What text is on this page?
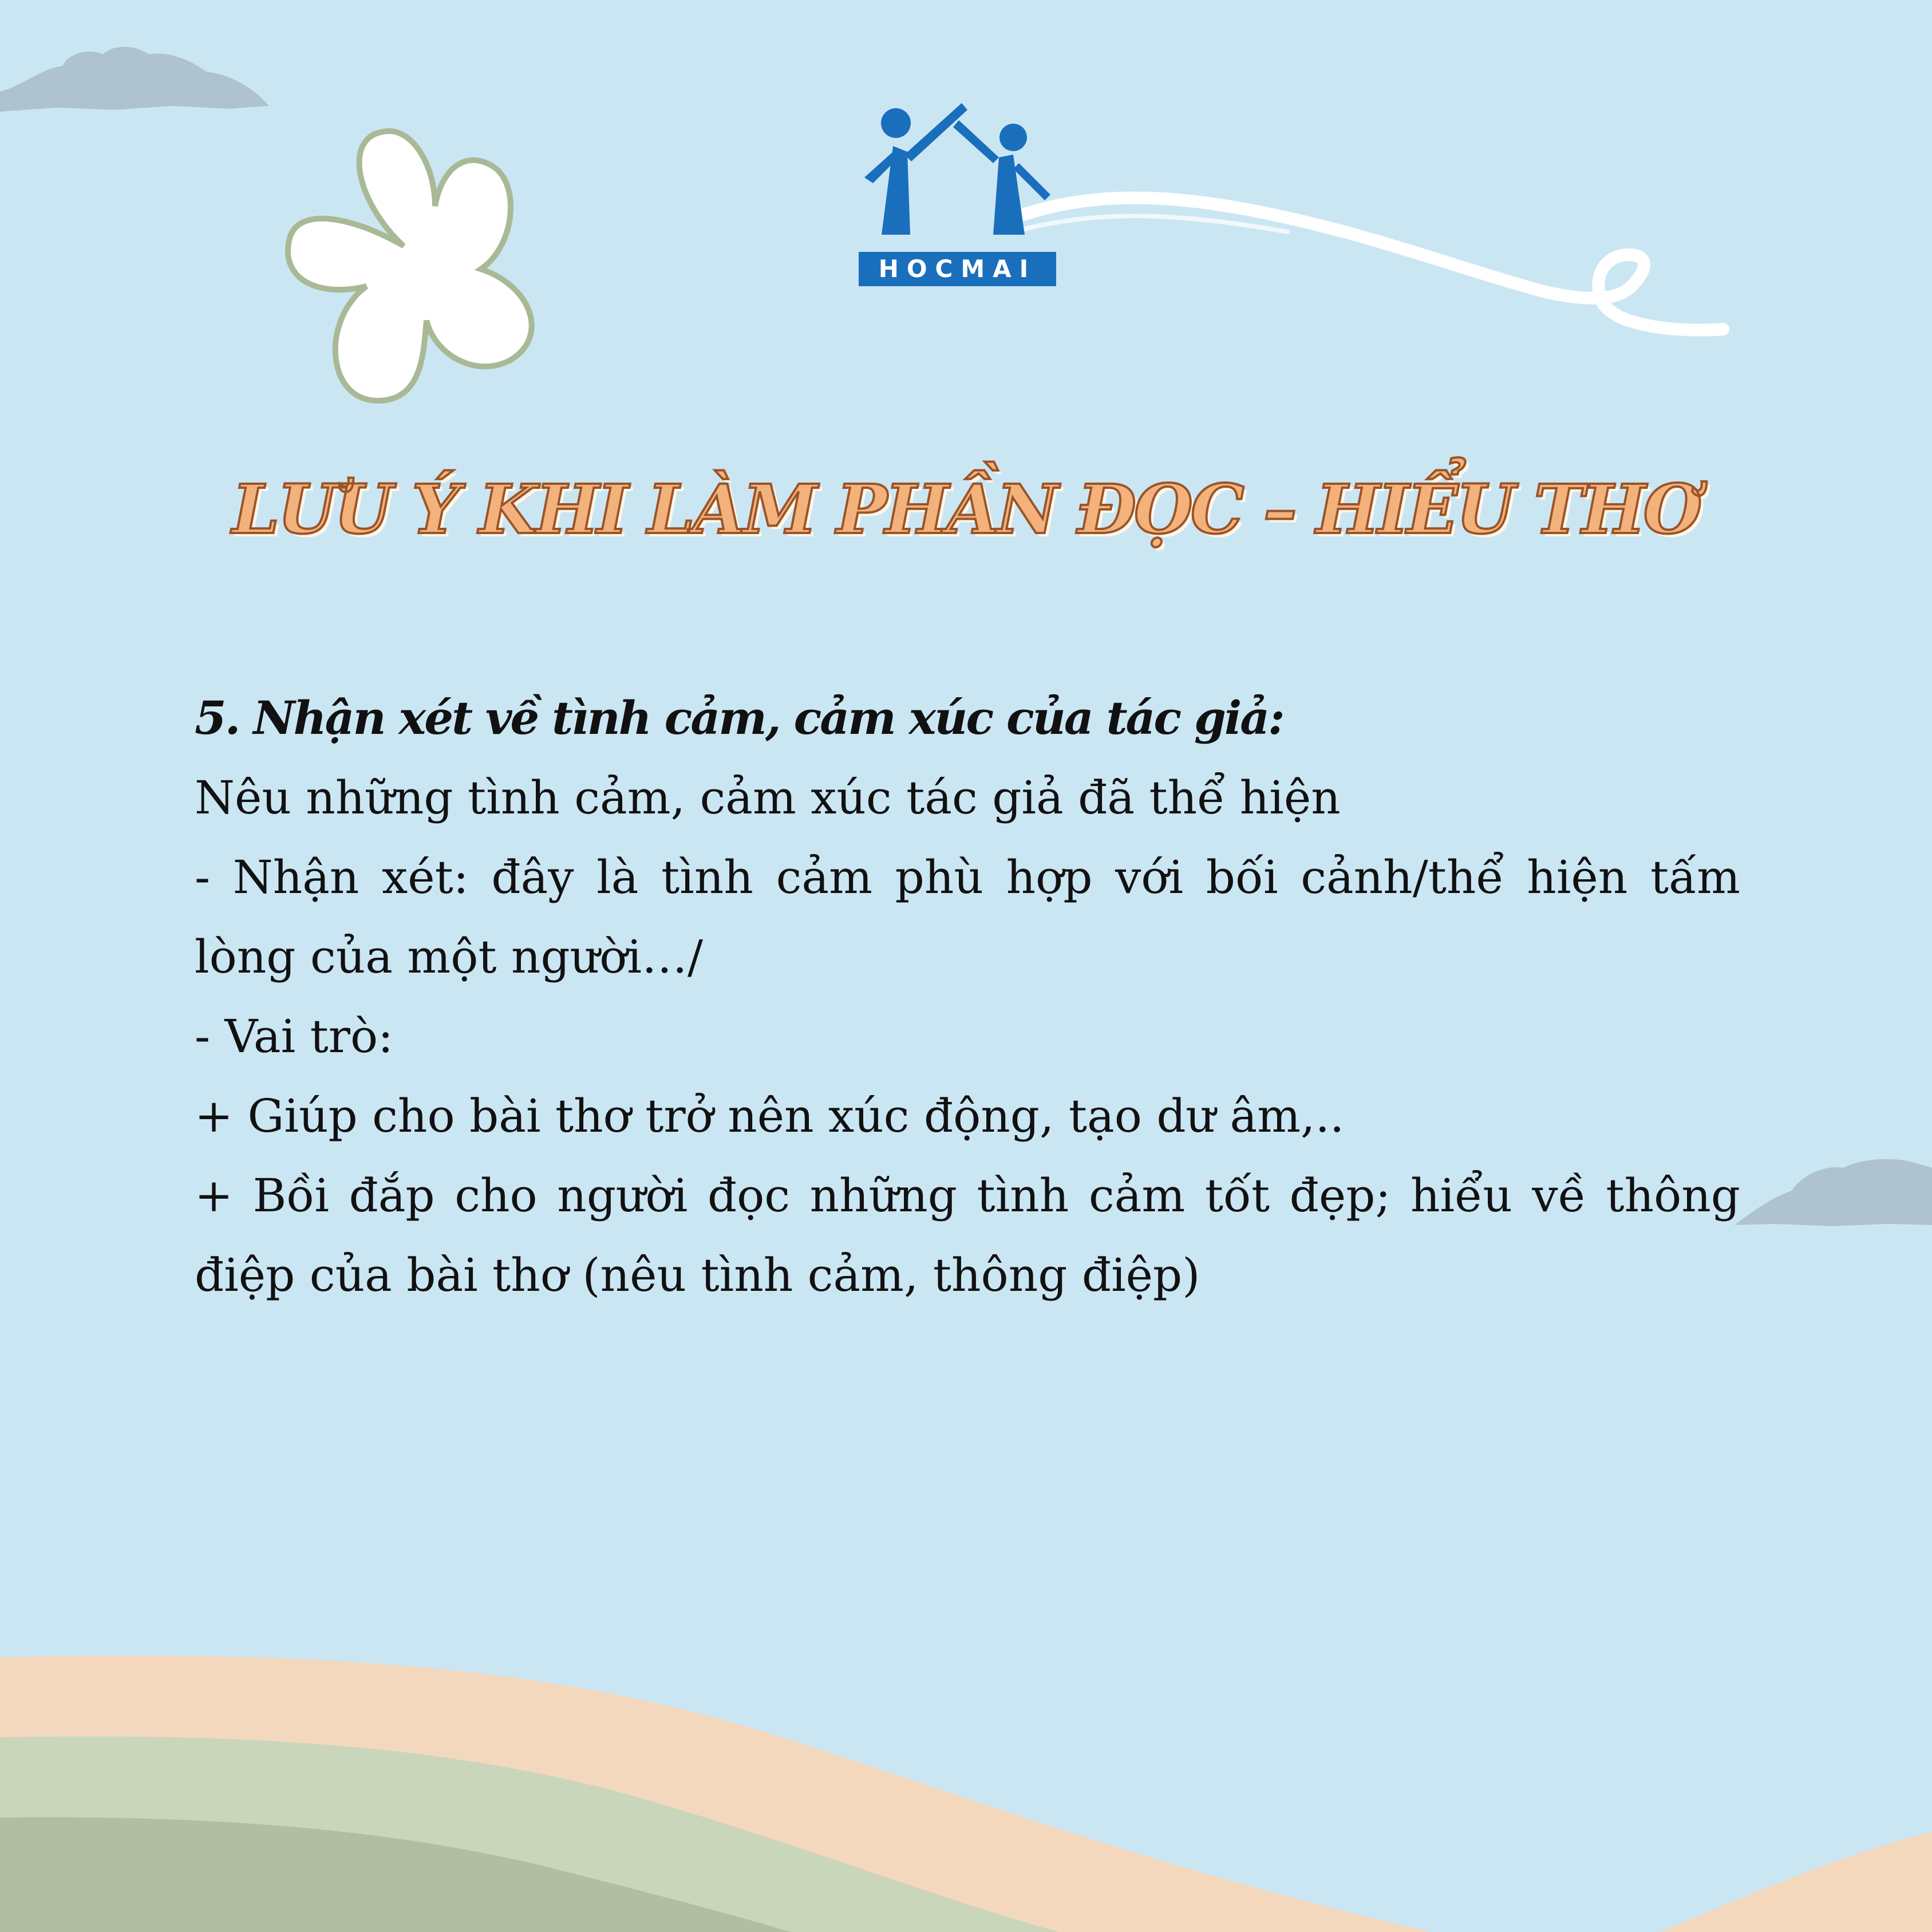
HOCMAI
LƯU Ý KHI LÀM PHẦN ĐỌC – HIỂU THƠ
5. Nhận xét về tình cảm, cảm xúc của tác giả:
Nêu những tình cảm, cảm xúc tác giả đã thể hiện
- Nhận xét: đây là tình cảm phù hợp với bối cảnh/thể hiện tấm
lòng của một người…/
- Vai trò:
+ Giúp cho bài thơ trở nên xúc động, tạo dư âm,..
+ Bồi đắp cho người đọc những tình cảm tốt đẹp; hiểu về thông
điệp của bài thơ (nêu tình cảm, thông điệp)
